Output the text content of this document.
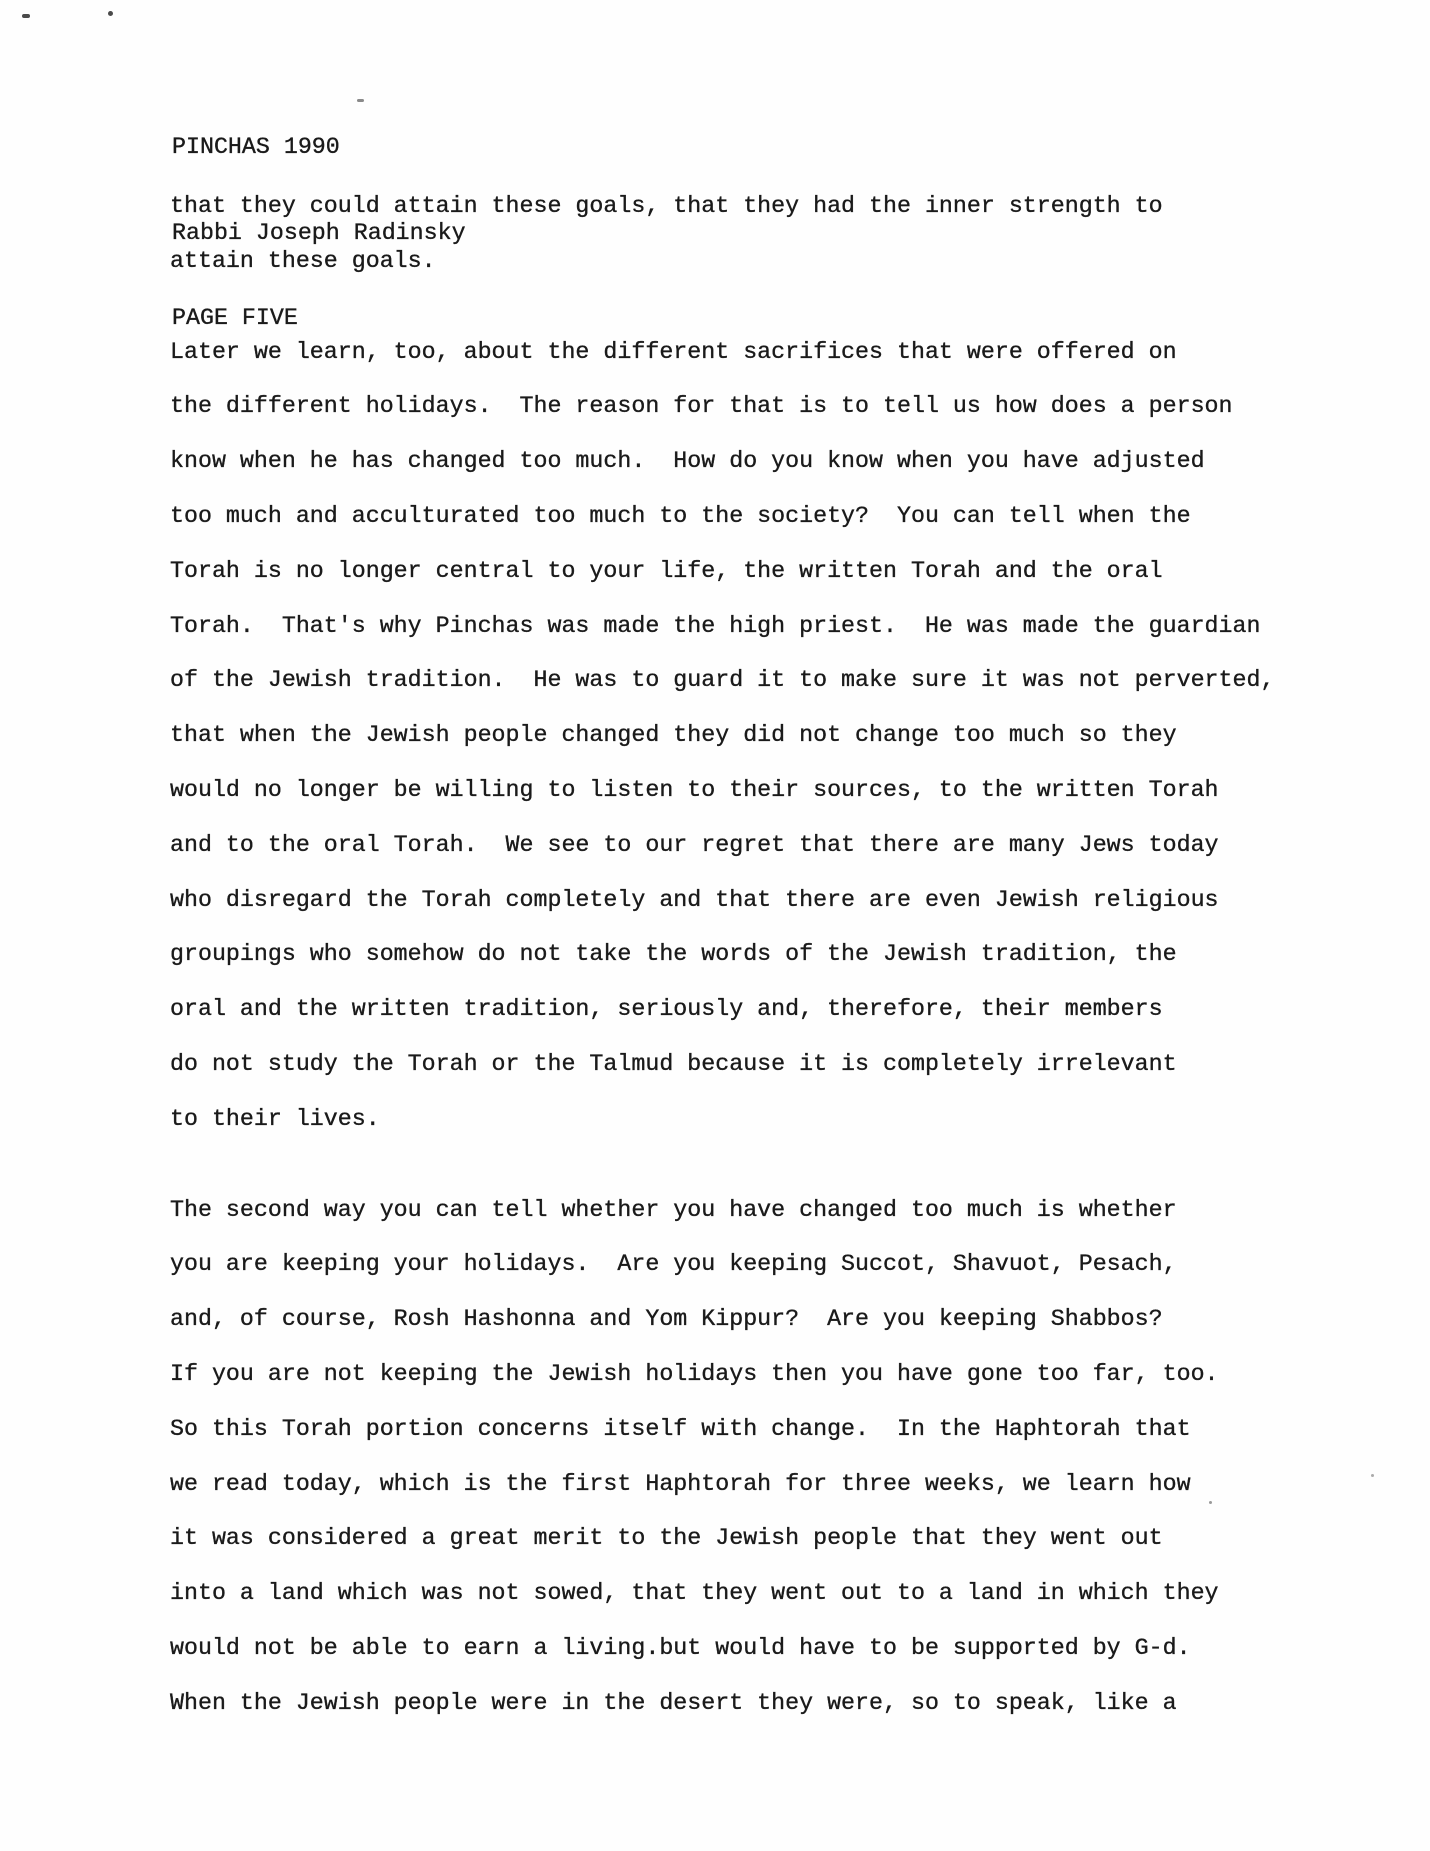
PINCHAS 1990

Rabbi Joseph Radinsky

PAGE FIVE

that they could attain these goals, that they had the inner strength to
attain these goals.
Later we learn, too, about the different sacrifices that were offered on
the different holidays.  The reason for that is to tell us how does a person
know when he has changed too much.  How do you know when you have adjusted
too much and acculturated too much to the society?  You can tell when the
Torah is no longer central to your life, the written Torah and the oral
Torah.  That's why Pinchas was made the high priest.  He was made the guardian
of the Jewish tradition.  He was to guard it to make sure it was not perverted,
that when the Jewish people changed they did not change too much so they
would no longer be willing to listen to their sources, to the written Torah
and to the oral Torah.  We see to our regret that there are many Jews today
who disregard the Torah completely and that there are even Jewish religious
groupings who somehow do not take the words of the Jewish tradition, the
oral and the written tradition, seriously and, therefore, their members
do not study the Torah or the Talmud because it is completely irrelevant
to their lives.
The second way you can tell whether you have changed too much is whether
you are keeping your holidays.  Are you keeping Succot, Shavuot, Pesach,
and, of course, Rosh Hashonna and Yom Kippur?  Are you keeping Shabbos?
If you are not keeping the Jewish holidays then you have gone too far, too.
So this Torah portion concerns itself with change.  In the Haphtorah that
we read today, which is the first Haphtorah for three weeks, we learn how
it was considered a great merit to the Jewish people that they went out
into a land which was not sowed, that they went out to a land in which they
would not be able to earn a living.but would have to be supported by G-d.
When the Jewish people were in the desert they were, so to speak, like a
